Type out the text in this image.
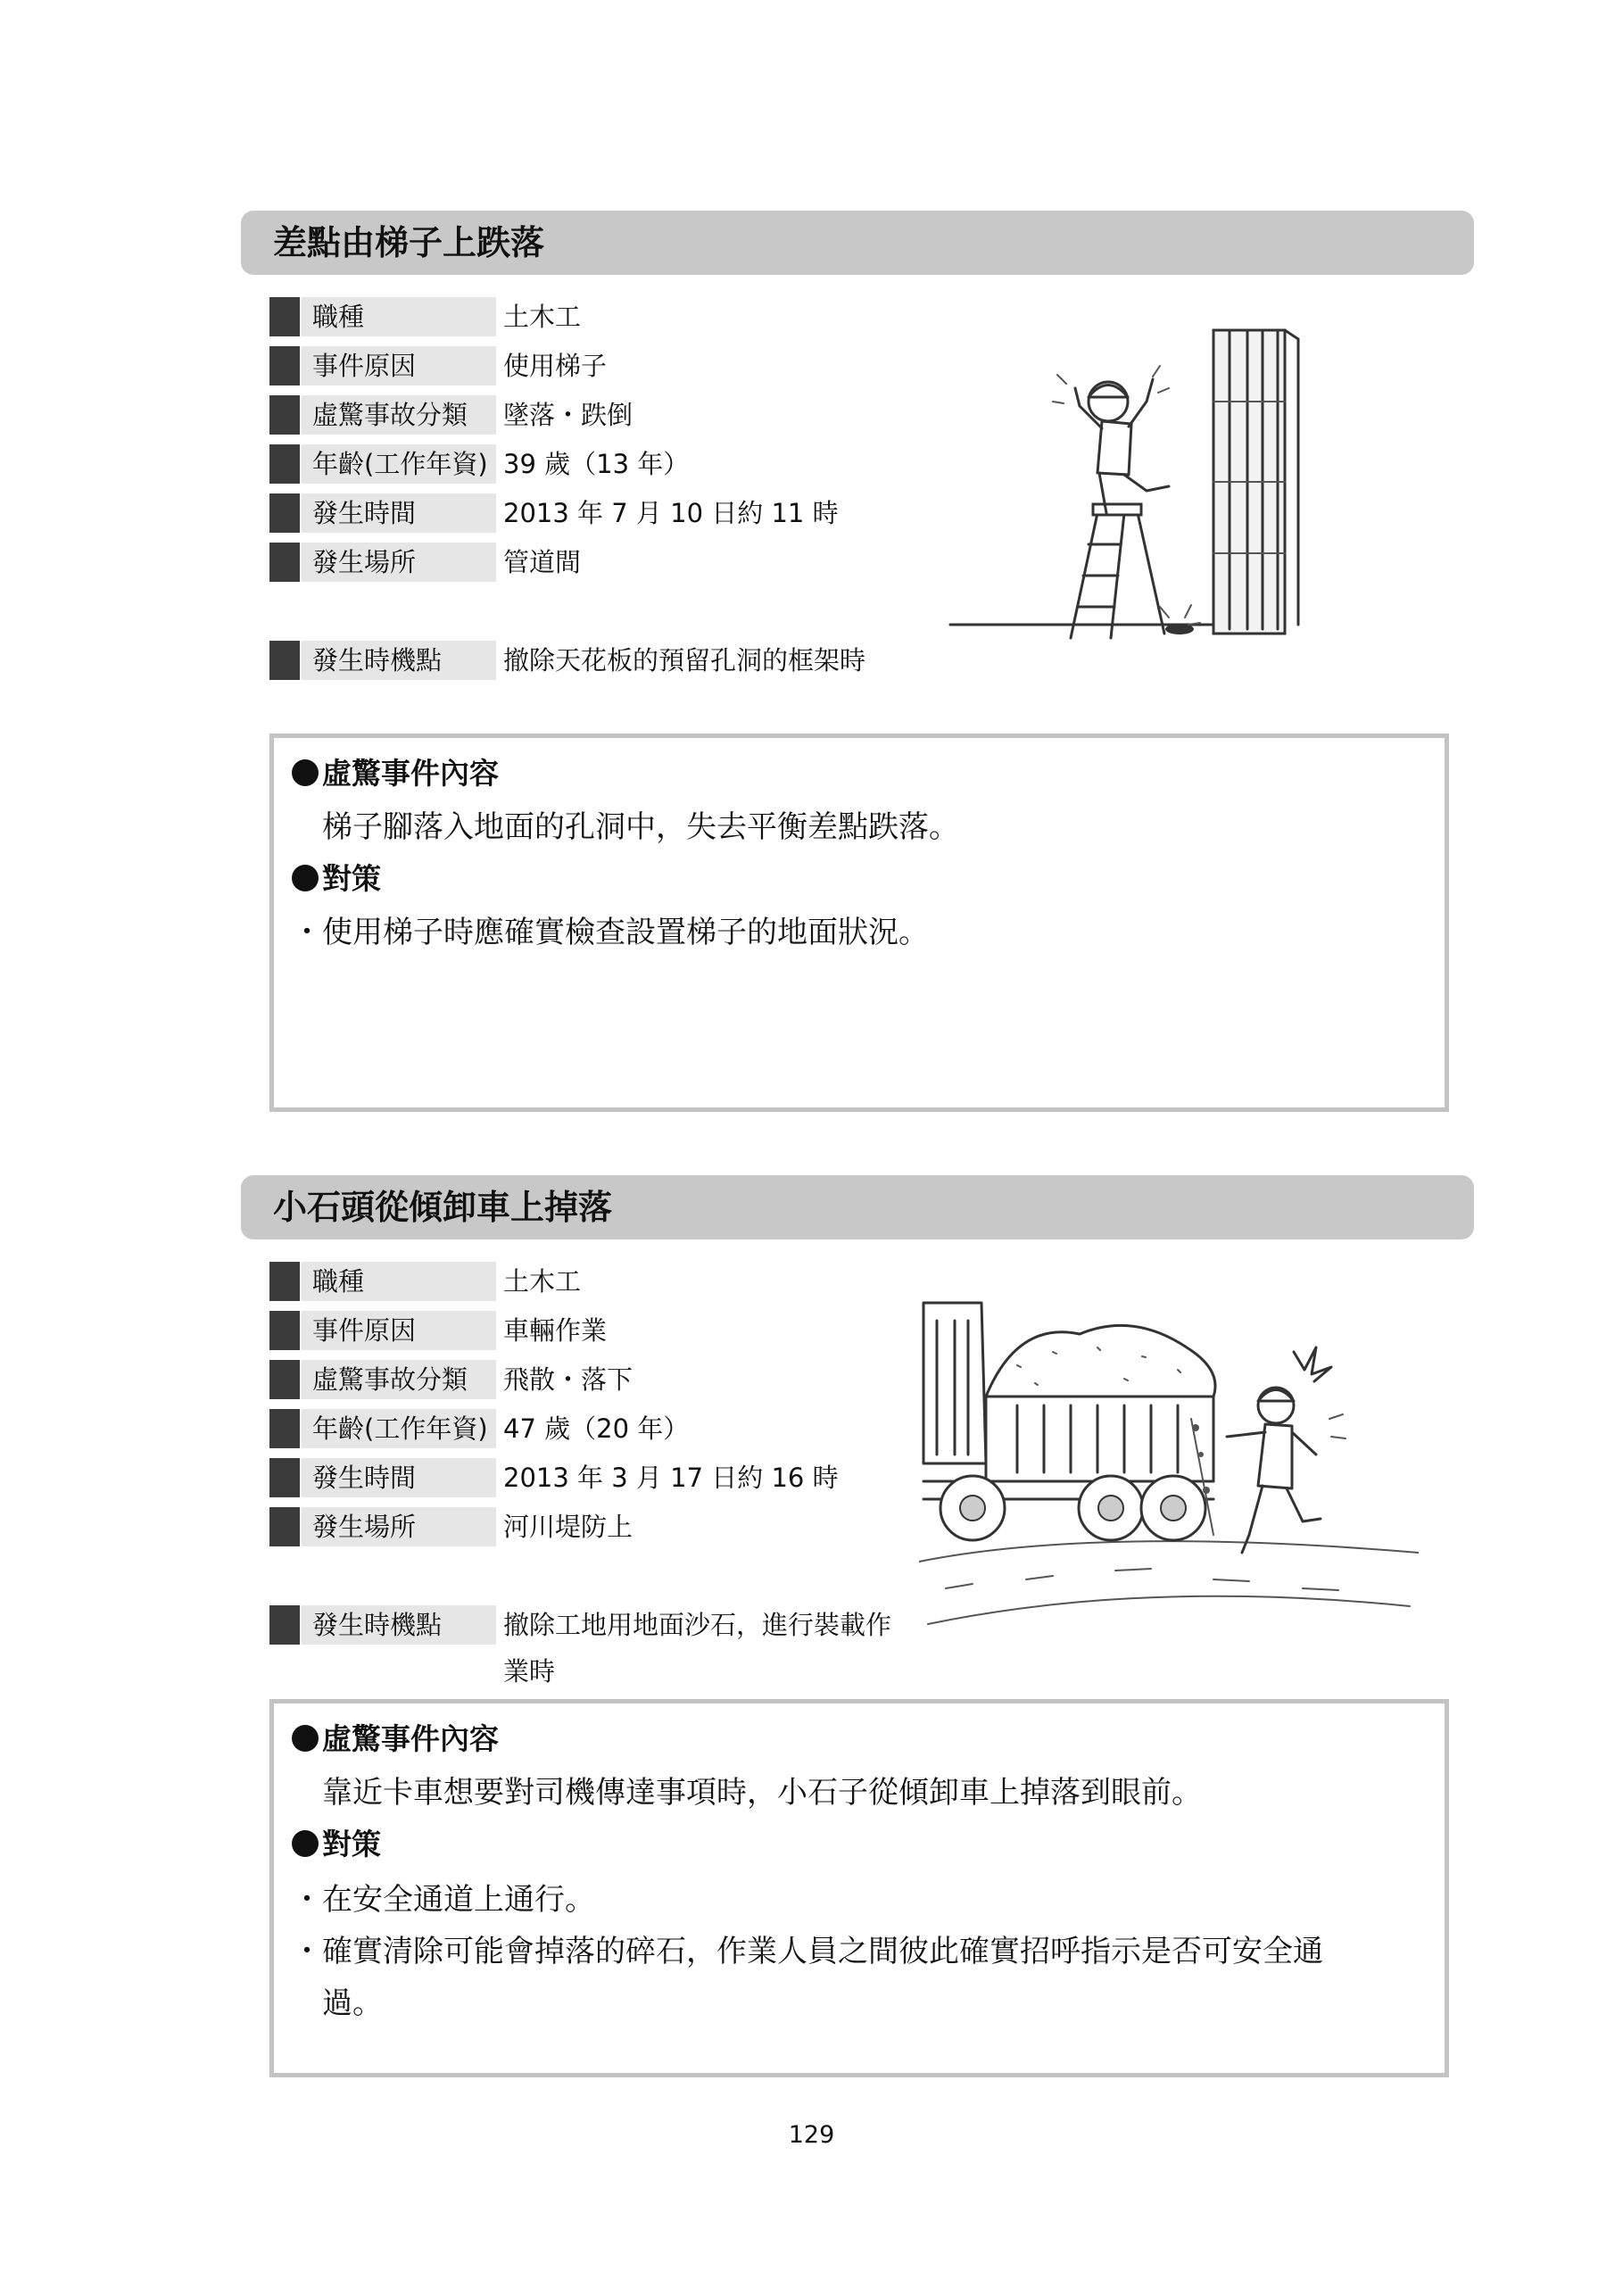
差點由梯子上跌落
職種	土木工
事件原因	使用梯子
虛驚事故分類	墜落・跌倒
年齡(工作年資) 39 歲（13 年）
發生時間	2013 年 7 月 10 日約 11 時
發生場所	管道間
發生時機點	撤除天花板的預留孔洞的框架時
虛驚事件內容
梯子腳落入地面的孔洞中，失去平衡差點跌落。
對策
・使用梯子時應確實檢查設置梯子的地面狀況。
小石頭從傾卸車上掉落
職種	土木工
事件原因	車輛作業
虛驚事故分類	飛散・落下
年齡(工作年資) 47 歲（20 年）
發生時間	2013 年 3 月 17 日約 16 時
發生場所	河川堤防上
發生時機點	撤除工地用地面沙石，進行裝載作業時
虛驚事件內容
靠近卡車想要對司機傳達事項時，小石子從傾卸車上掉落到眼前。
對策
・在安全通道上通行。
・確實清除可能會掉落的碎石，作業人員之間彼此確實招呼指示是否可安全通
過。
129
